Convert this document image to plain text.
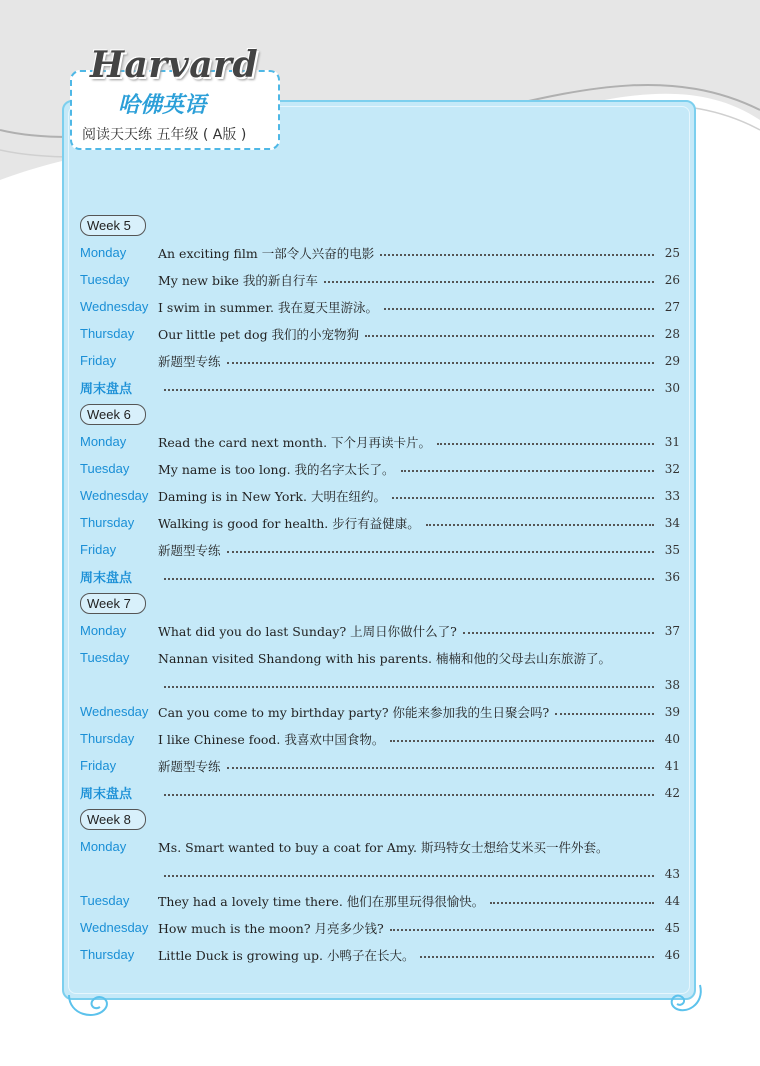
Harvard
哈佛英语
阅读天天练 五年级 ( A版 )
Week 5
Monday	An exciting film 一部令人兴奋的电影	25
Tuesday	My new bike 我的新自行车	26
Wednesday I swim in summer. 我在夏天里游泳。	27
Thursday	Our little pet dog 我们的小宠物狗	28
Friday	新题型专练	29
周末盘点	30
Week 6
Monday	Read the card next month. 下个月再读卡片。	31
Tuesday	My name is too long. 我的名字太长了。	32
Wednesday Daming is in New York. 大明在纽约。	33
Thursday	Walking is good for health. 步行有益健康。	34
Friday	新题型专练	35
周末盘点	36
Week 7
Monday	What did you do last Sunday? 上周日你做什么了?	37
Tuesday	Nannan visited Shandong with his parents. 楠楠和他的父母去山东旅游了。
38
Wednesday Can you come to my birthday party? 你能来参加我的生日聚会吗?	39
Thursday	I like Chinese food. 我喜欢中国食物。	40
Friday	新题型专练	41
周末盘点	42
Week 8
Monday	Ms. Smart wanted to buy a coat for Amy. 斯玛特女士想给艾米买一件外套。
43
Tuesday	They had a lovely time there. 他们在那里玩得很愉快。	44
Wednesday How much is the moon? 月亮多少钱?	45
Thursday	Little Duck is growing up. 小鸭子在长大。	46
